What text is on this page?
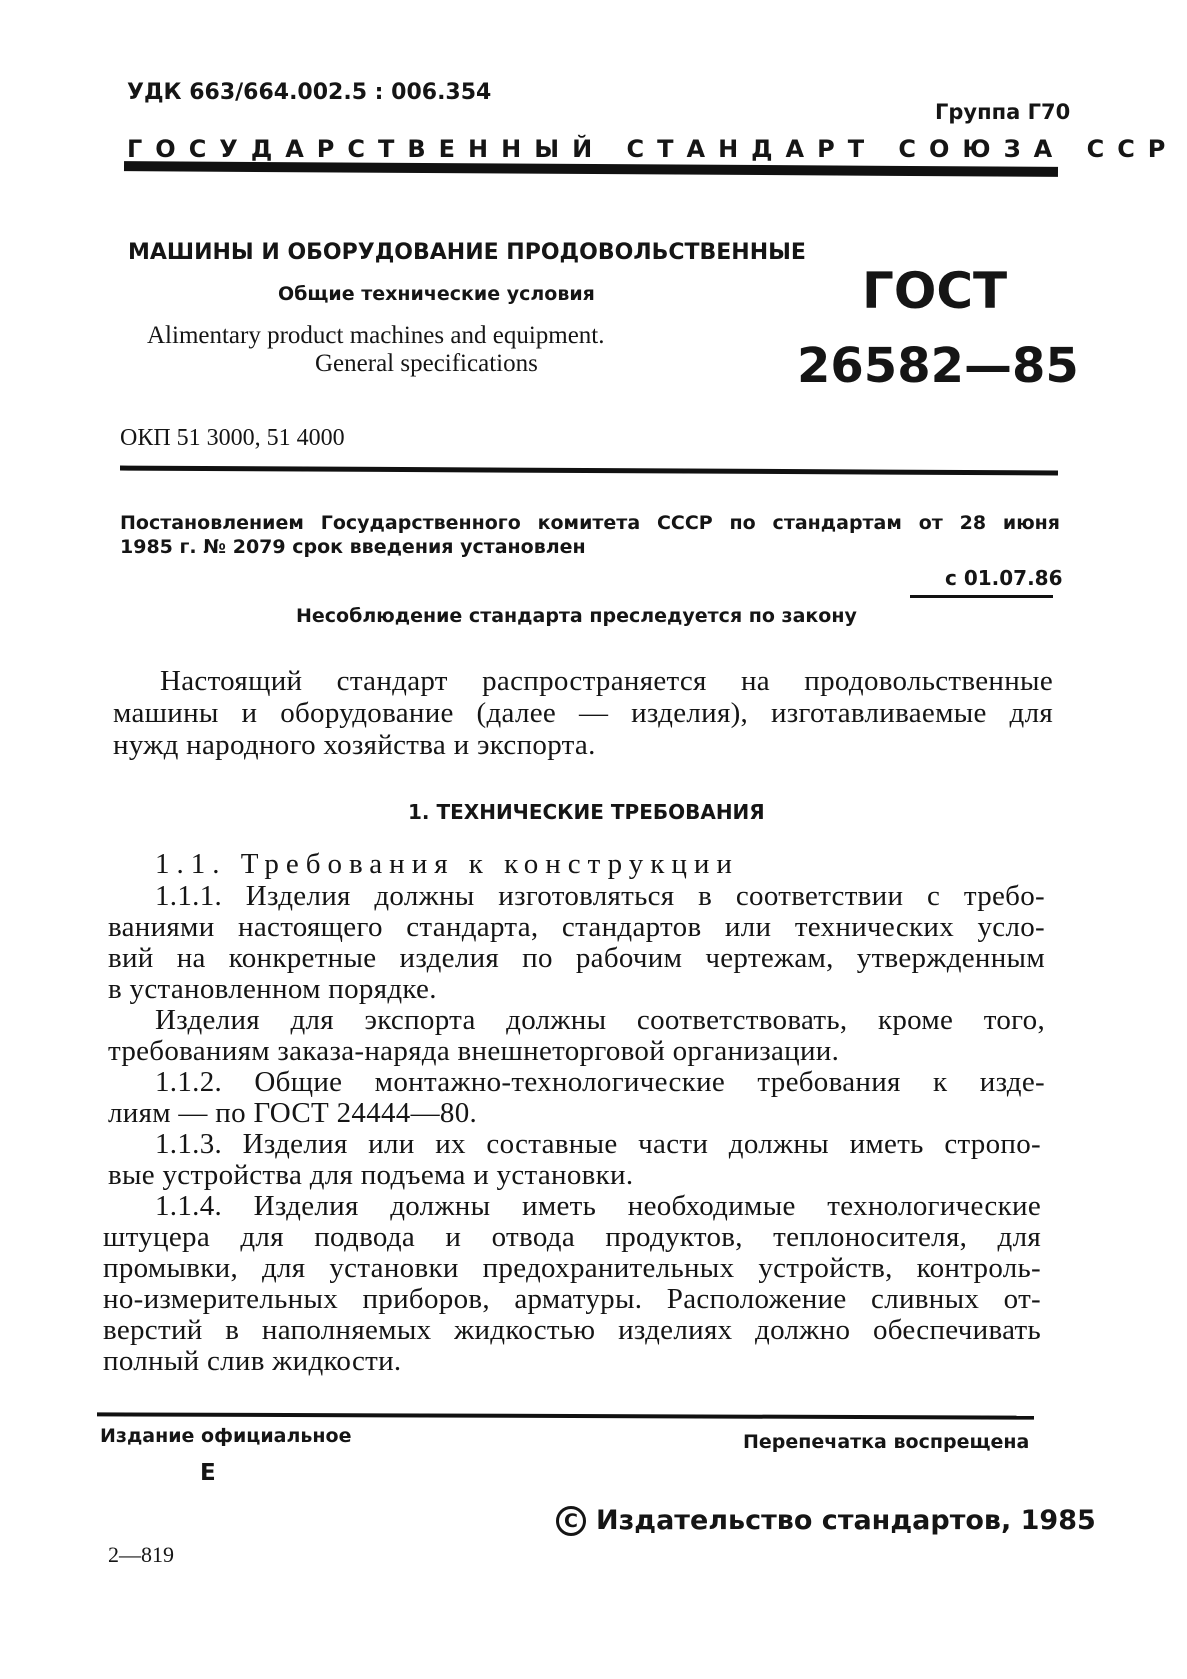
УДК 663/664.002.5 : 006.354
Группа Г70
ГОСУДАРСТВЕННЫЙ СТАНДАРТ СОЮЗА ССР
МАШИНЫ И ОБОРУДОВАНИЕ ПРОДОВОЛЬСТВЕННЫЕ
Общие технические условия
Alimentary product machines and equipment.
General specifications
ГОСТ
26582—85
ОКП 51 3000, 51 4000
Постановлением Государственного комитета СССР по стандартам от 28 июня
1985 г. № 2079 срок введения установлен
с 01.07.86
Несоблюдение стандарта преследуется по закону
Настоящий стандарт распространяется на продовольственные
машины и оборудование (далее — изделия), изготавливаемые для
нужд народного хозяйства и экспорта.
1. ТЕХНИЧЕСКИЕ ТРЕБОВАНИЯ
1.1. Требования к конструкции
1.1.1. Изделия должны изготовляться в соответствии с требо-
ваниями настоящего стандарта, стандартов или технических усло-
вий на конкретные изделия по рабочим чертежам, утвержденным
в установленном порядке.
Изделия для экспорта должны соответствовать, кроме того,
требованиям заказа-наряда внешнеторговой организации.
1.1.2. Общие монтажно-технологические требования к изде-
лиям — по ГОСТ 24444—80.
1.1.3. Изделия или их составные части должны иметь стропо-
вые устройства для подъема и установки.
1.1.4. Изделия должны иметь необходимые технологические
штуцера для подвода и отвода продуктов, теплоносителя, для
промывки, для установки предохранительных устройств, контроль-
но-измерительных приборов, арматуры. Расположение сливных от-
верстий в наполняемых жидкостью изделиях должно обеспечивать
полный слив жидкости.
Издание официальное	Перепечатка воспрещена
Е
C Издательство стандартов, 1985
2—819
